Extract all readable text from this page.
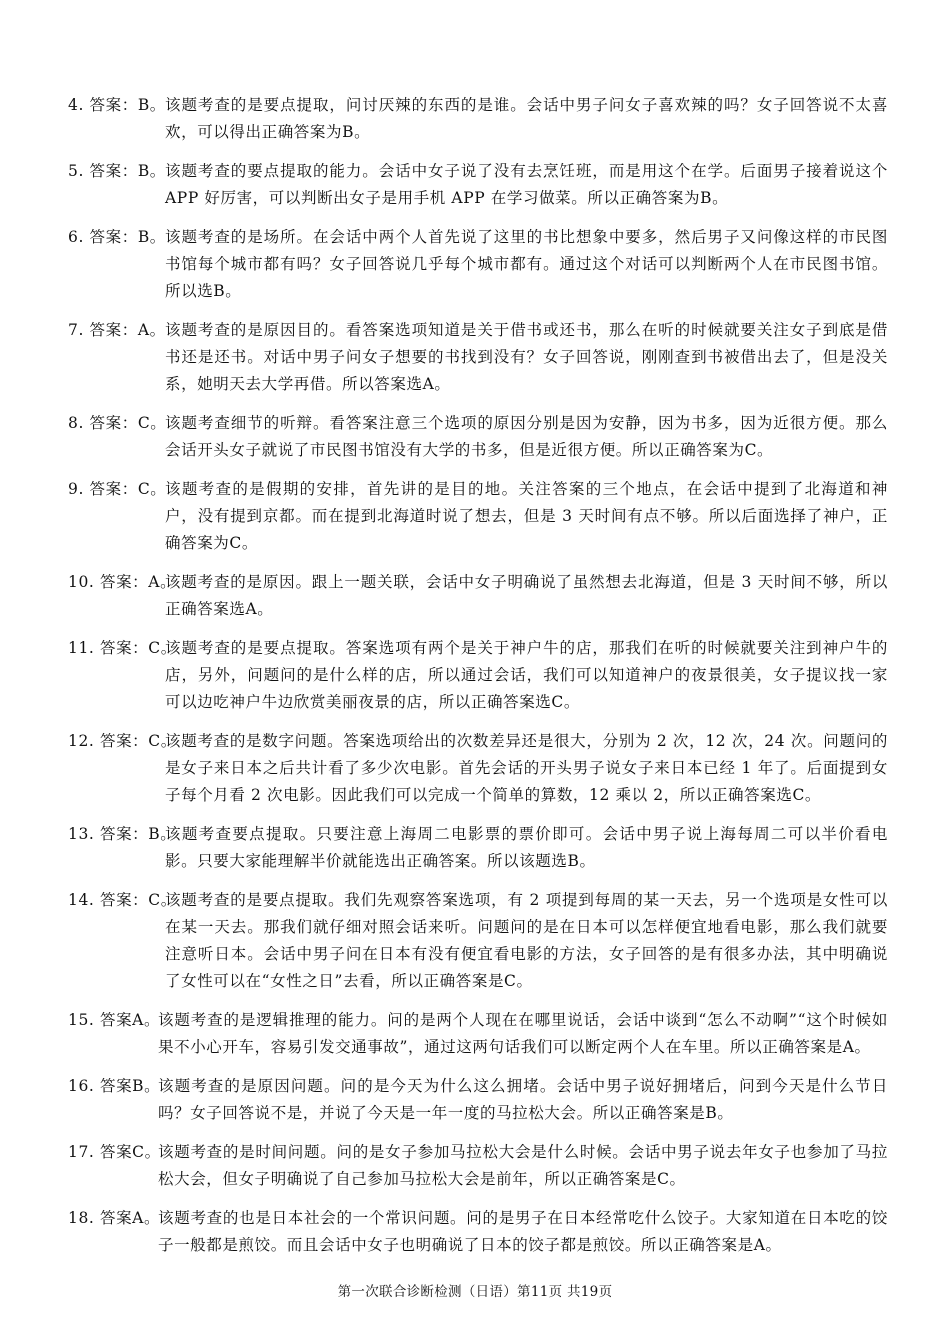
4. 答案：B。 该题考查的是要点提取，问讨厌辣的东西的是谁。会话中男子问女子喜欢辣的吗？女子回答说不太喜欢，可以得出正确答案为B。
5. 答案：B。 该题考查的要点提取的能力。会话中女子说了没有去烹饪班，而是用这个在学。后面男子接着说这个 APP 好厉害，可以判断出女子是用手机 APP 在学习做菜。所以正确答案为B。
6. 答案：B。 该题考查的是场所。在会话中两个人首先说了这里的书比想象中要多，然后男子又问像这样的市民图书馆每个城市都有吗？女子回答说几乎每个城市都有。通过这个对话可以判断两个人在市民图书馆。所以选B。
7. 答案：A。 该题考查的是原因目的。看答案选项知道是关于借书或还书，那么在听的时候就要关注女子到底是借书还是还书。对话中男子问女子想要的书找到没有？女子回答说，刚刚查到书被借出去了，但是没关系，她明天去大学再借。所以答案选A。
8. 答案：C。
该题考查细节的听辩。看答案注意三个选项的原因分别是因为安静，因为书多，因为近很方便。那么会话开头女子就说了市民图书馆没有大学的书多，但是近很方便。所以正确答案为C。
9. 答案：C。
该题考查的是假期的安排，首先讲的是目的地。关注答案的三个地点，在会话中提到了北海道和神户，没有提到京都。而在提到北海道时说了想去，但是 3 天时间有点不够。所以后面选择了神户，正确答案为C。
10. 答案：A。
该题考查的是原因。跟上一题关联，会话中女子明确说了虽然想去北海道，但是 3 天时间不够，所以正确答案选A。
11. 答案：C。
该题考查的是要点提取。答案选项有两个是关于神户牛的店，那我们在听的时候就要关注到神户牛的店，另外，问题问的是什么样的店，所以通过会话，我们可以知道神户的夜景很美，女子提议找一家可以边吃神户牛边欣赏美丽夜景的店，所以正确答案选C。
12. 答案：C。
该题考查的是数字问题。答案选项给出的次数差异还是很大，分别为 2 次，12 次，24 次。问题问的是女子来日本之后共计看了多少次电影。首先会话的开头男子说女子来日本已经 1 年了。后面提到女子每个月看 2 次电影。因此我们可以完成一个简单的算数，12 乘以 2，所以正确答案选C。
13. 答案：B。
该题考查要点提取。只要注意上海周二电影票的票价即可。会话中男子说上海每周二可以半价看电影。只要大家能理解半价就能选出正确答案。所以该题选B。
14. 答案：C。
该题考查的是要点提取。我们先观察答案选项，有 2 项提到每周的某一天去，另一个选项是女性可以在某一天去。那我们就仔细对照会话来听。问题问的是在日本可以怎样便宜地看电影，那么我们就要注意听日本。会话中男子问在日本有没有便宜看电影的方法，女子回答的是有很多办法，其中明确说了女性可以在“女性之日”去看，所以正确答案是C。
15. 答案A。
该题考查的是逻辑推理的能力。问的是两个人现在在哪里说话，会话中谈到“怎么不动啊”“这个时候如果不小心开车，容易引发交通事故”，通过这两句话我们可以断定两个人在车里。所以正确答案是A。
16. 答案B。
该题考查的是原因问题。问的是今天为什么这么拥堵。会话中男子说好拥堵后，问到今天是什么节日吗？女子回答说不是，并说了今天是一年一度的马拉松大会。所以正确答案是B。
17. 答案C。
该题考查的是时间问题。问的是女子参加马拉松大会是什么时候。会话中男子说去年女子也参加了马拉松大会，但女子明确说了自己参加马拉松大会是前年，所以正确答案是C。
18. 答案A。
该题考查的也是日本社会的一个常识问题。问的是男子在日本经常吃什么饺子。大家知道在日本吃的饺子一般都是煎饺。而且会话中女子也明确说了日本的饺子都是煎饺。所以正确答案是A。
第一次联合诊断检测（日语）第11页 共19页
